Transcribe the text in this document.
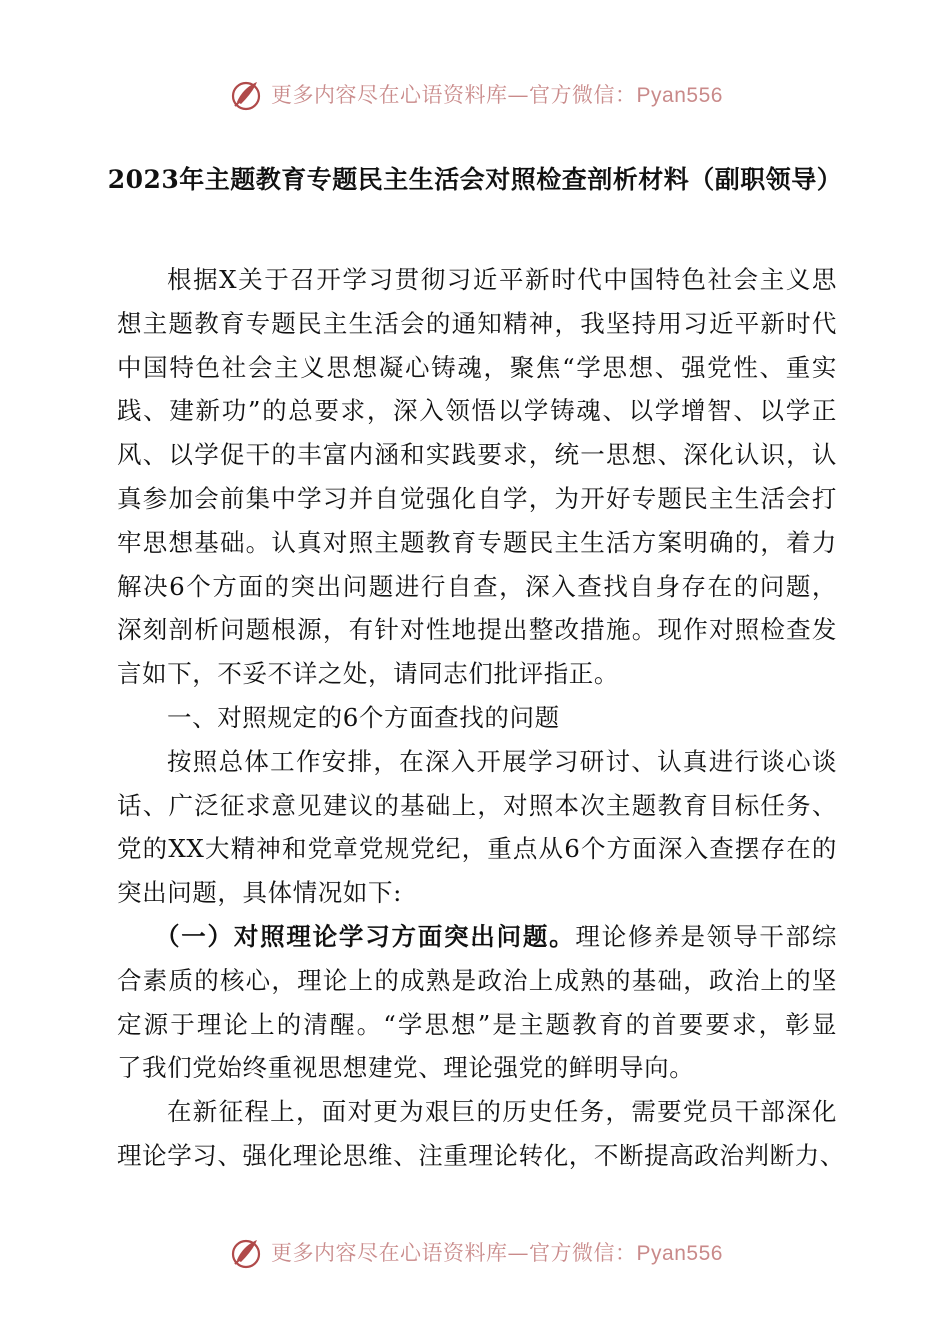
更多内容尽在心语资料库—官方微信：Pyan556
2023年主题教育专题民主生活会对照检查剖析材料（副职领导）
根据X关于召开学习贯彻习近平新时代中国特色社会主义思
想主题教育专题民主生活会的通知精神，我坚持用习近平新时代
中国特色社会主义思想凝心铸魂，聚焦“学思想、强党性、重实
践、建新功”的总要求，深入领悟以学铸魂、以学增智、以学正
风、以学促干的丰富内涵和实践要求，统一思想、深化认识，认
真参加会前集中学习并自觉强化自学，为开好专题民主生活会打
牢思想基础。认真对照主题教育专题民主生活方案明确的，着力
解决6个方面的突出问题进行自查，深入查找自身存在的问题，
深刻剖析问题根源，有针对性地提出整改措施。现作对照检查发
言如下，不妥不详之处，请同志们批评指正。
一、对照规定的6个方面查找的问题
按照总体工作安排，在深入开展学习研讨、认真进行谈心谈
话、广泛征求意见建议的基础上，对照本次主题教育目标任务、
党的XX大精神和党章党规党纪，重点从6个方面深入查摆存在的
突出问题，具体情况如下:
（一）对照理论学习方面突出问题。理论修养是领导干部综
合素质的核心，理论上的成熟是政治上成熟的基础，政治上的坚
定源于理论上的清醒。“学思想”是主题教育的首要要求，彰显
了我们党始终重视思想建党、理论强党的鲜明导向。
在新征程上，面对更为艰巨的历史任务，需要党员干部深化
理论学习、强化理论思维、注重理论转化，不断提高政治判断力、
更多内容尽在心语资料库—官方微信：Pyan556
